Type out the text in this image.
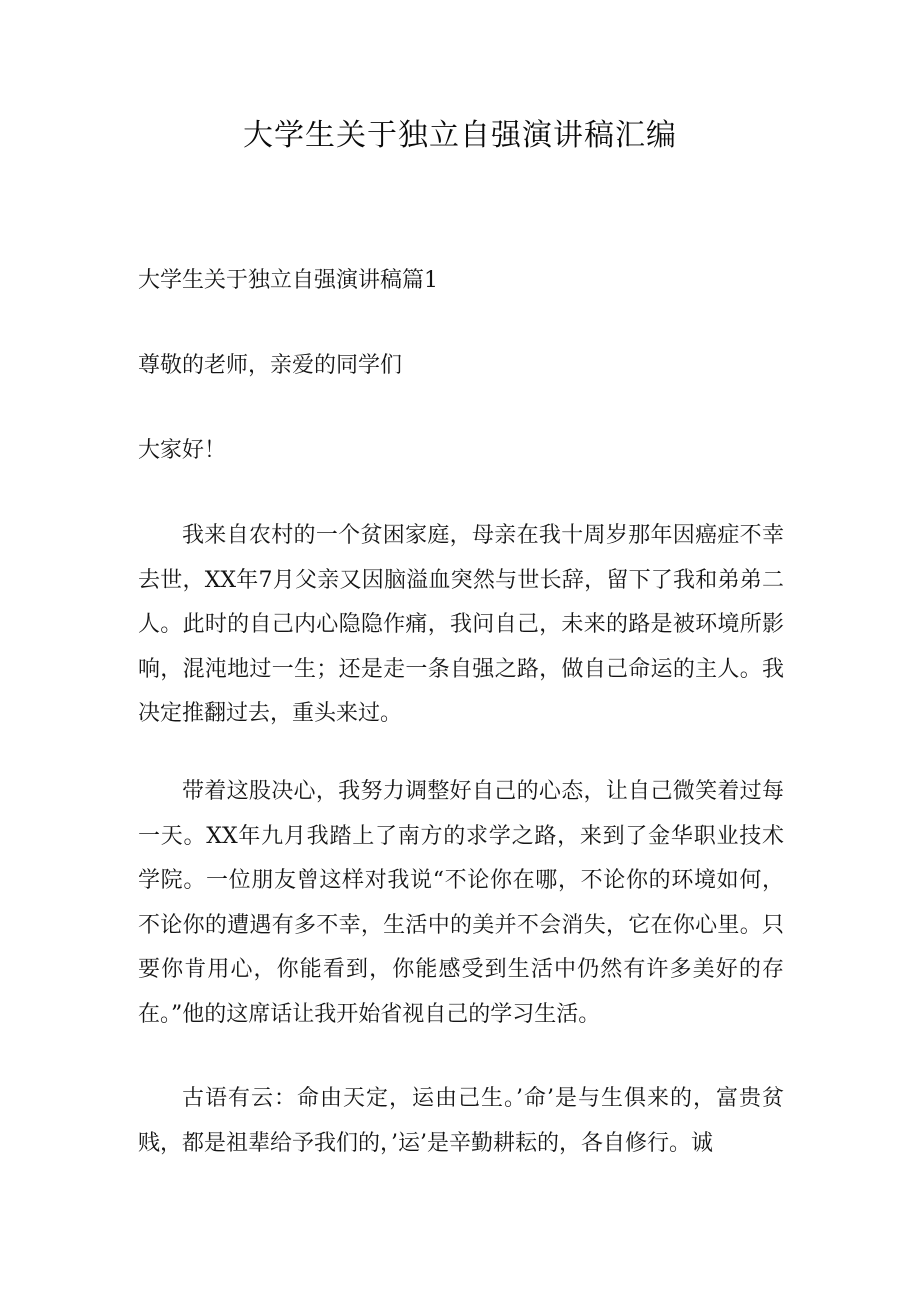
大学生关于独立自强演讲稿汇编
大学生关于独立自强演讲稿篇1
尊敬的老师，亲爱的同学们
大家好！
我来自农村的一个贫困家庭，母亲在我十周岁那年因癌症不幸去世，XX年7月父亲又因脑溢血突然与世长辞，留下了我和弟弟二人。此时的自己内心隐隐作痛，我问自己，未来的路是被环境所影响，混沌地过一生；还是走一条自强之路，做自己命运的主人。我决定推翻过去，重头来过。
带着这股决心，我努力调整好自己的心态，让自己微笑着过每一天。XX年九月我踏上了南方的求学之路，来到了金华职业技术学院。一位朋友曾这样对我说“不论你在哪，不论你的环境如何，不论你的遭遇有多不幸，生活中的美并不会消失，它在你心里。只要你肯用心，你能看到，你能感受到生活中仍然有许多美好的存在。”他的这席话让我开始省视自己的学习生活。
古语有云：命由天定，运由己生。’命’是与生俱来的，富贵贫贱，都是祖辈给予我们的，’运’是辛勤耕耘的，各自修行。诚
